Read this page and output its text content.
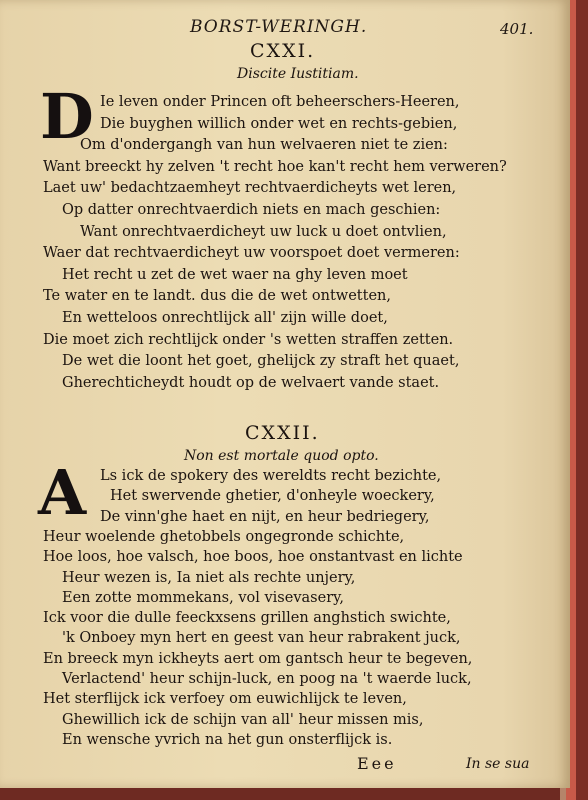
BORST-WERINGH.	401.
CXXI.
Discite Iustitiam.
D Ie leven onder Princen oft beheerschers-Heeren,
Die buyghen willich onder wet en rechts-gebien,
Om d'ondergangh van hun welvaeren niet te zien:
Want breeckt hy zelven 't recht hoe kan't recht hem verweren?
Laet uw' bedachtzaemheyt rechtvaerdicheyts wet leren,
Op datter onrechtvaerdich niets en mach geschien:
Want onrechtvaerdicheyt uw luck u doet ontvlien,
Waer dat rechtvaerdicheyt uw voorspoet doet vermeren:
Het recht u zet de wet waer na ghy leven moet
Te water en te landt. dus die de wet ontwetten,
En wetteloos onrechtlijck all' zijn wille doet,
Die moet zich rechtlijck onder 's wetten straffen zetten.
De wet die loont het goet, ghelijck zy straft het quaet,
Gherechticheydt houdt op de welvaert vande staet.
CXXII.
Non est mortale quod opto.
A Ls ick de spokery des wereldts recht bezichte,
Het swervende ghetier, d'onheyle woeckery,
De vinn'ghe haet en nijt, en heur bedriegery,
Heur woelende ghetobbels ongegronde schichte,
Hoe loos, hoe valsch, hoe boos, hoe onstantvast en lichte
Heur wezen is, Ia niet als rechte unjery,
Een zotte mommekans, vol visevasery,
Ick voor die dulle feeckxsens grillen anghstich swichte,
'k Onboey myn hert en geest van heur rabrakent juck,
En breeck myn ickheyts aert om gantsch heur te begeven,
Verlactend' heur schijn-luck, en poog na 't waerde luck,
Het sterflijck ick verfoey om euwichlijck te leven,
Ghewillich ick de schijn van all' heur missen mis,
En wensche yvrich na het gun onsterflijck is.
Eee	In se sua
